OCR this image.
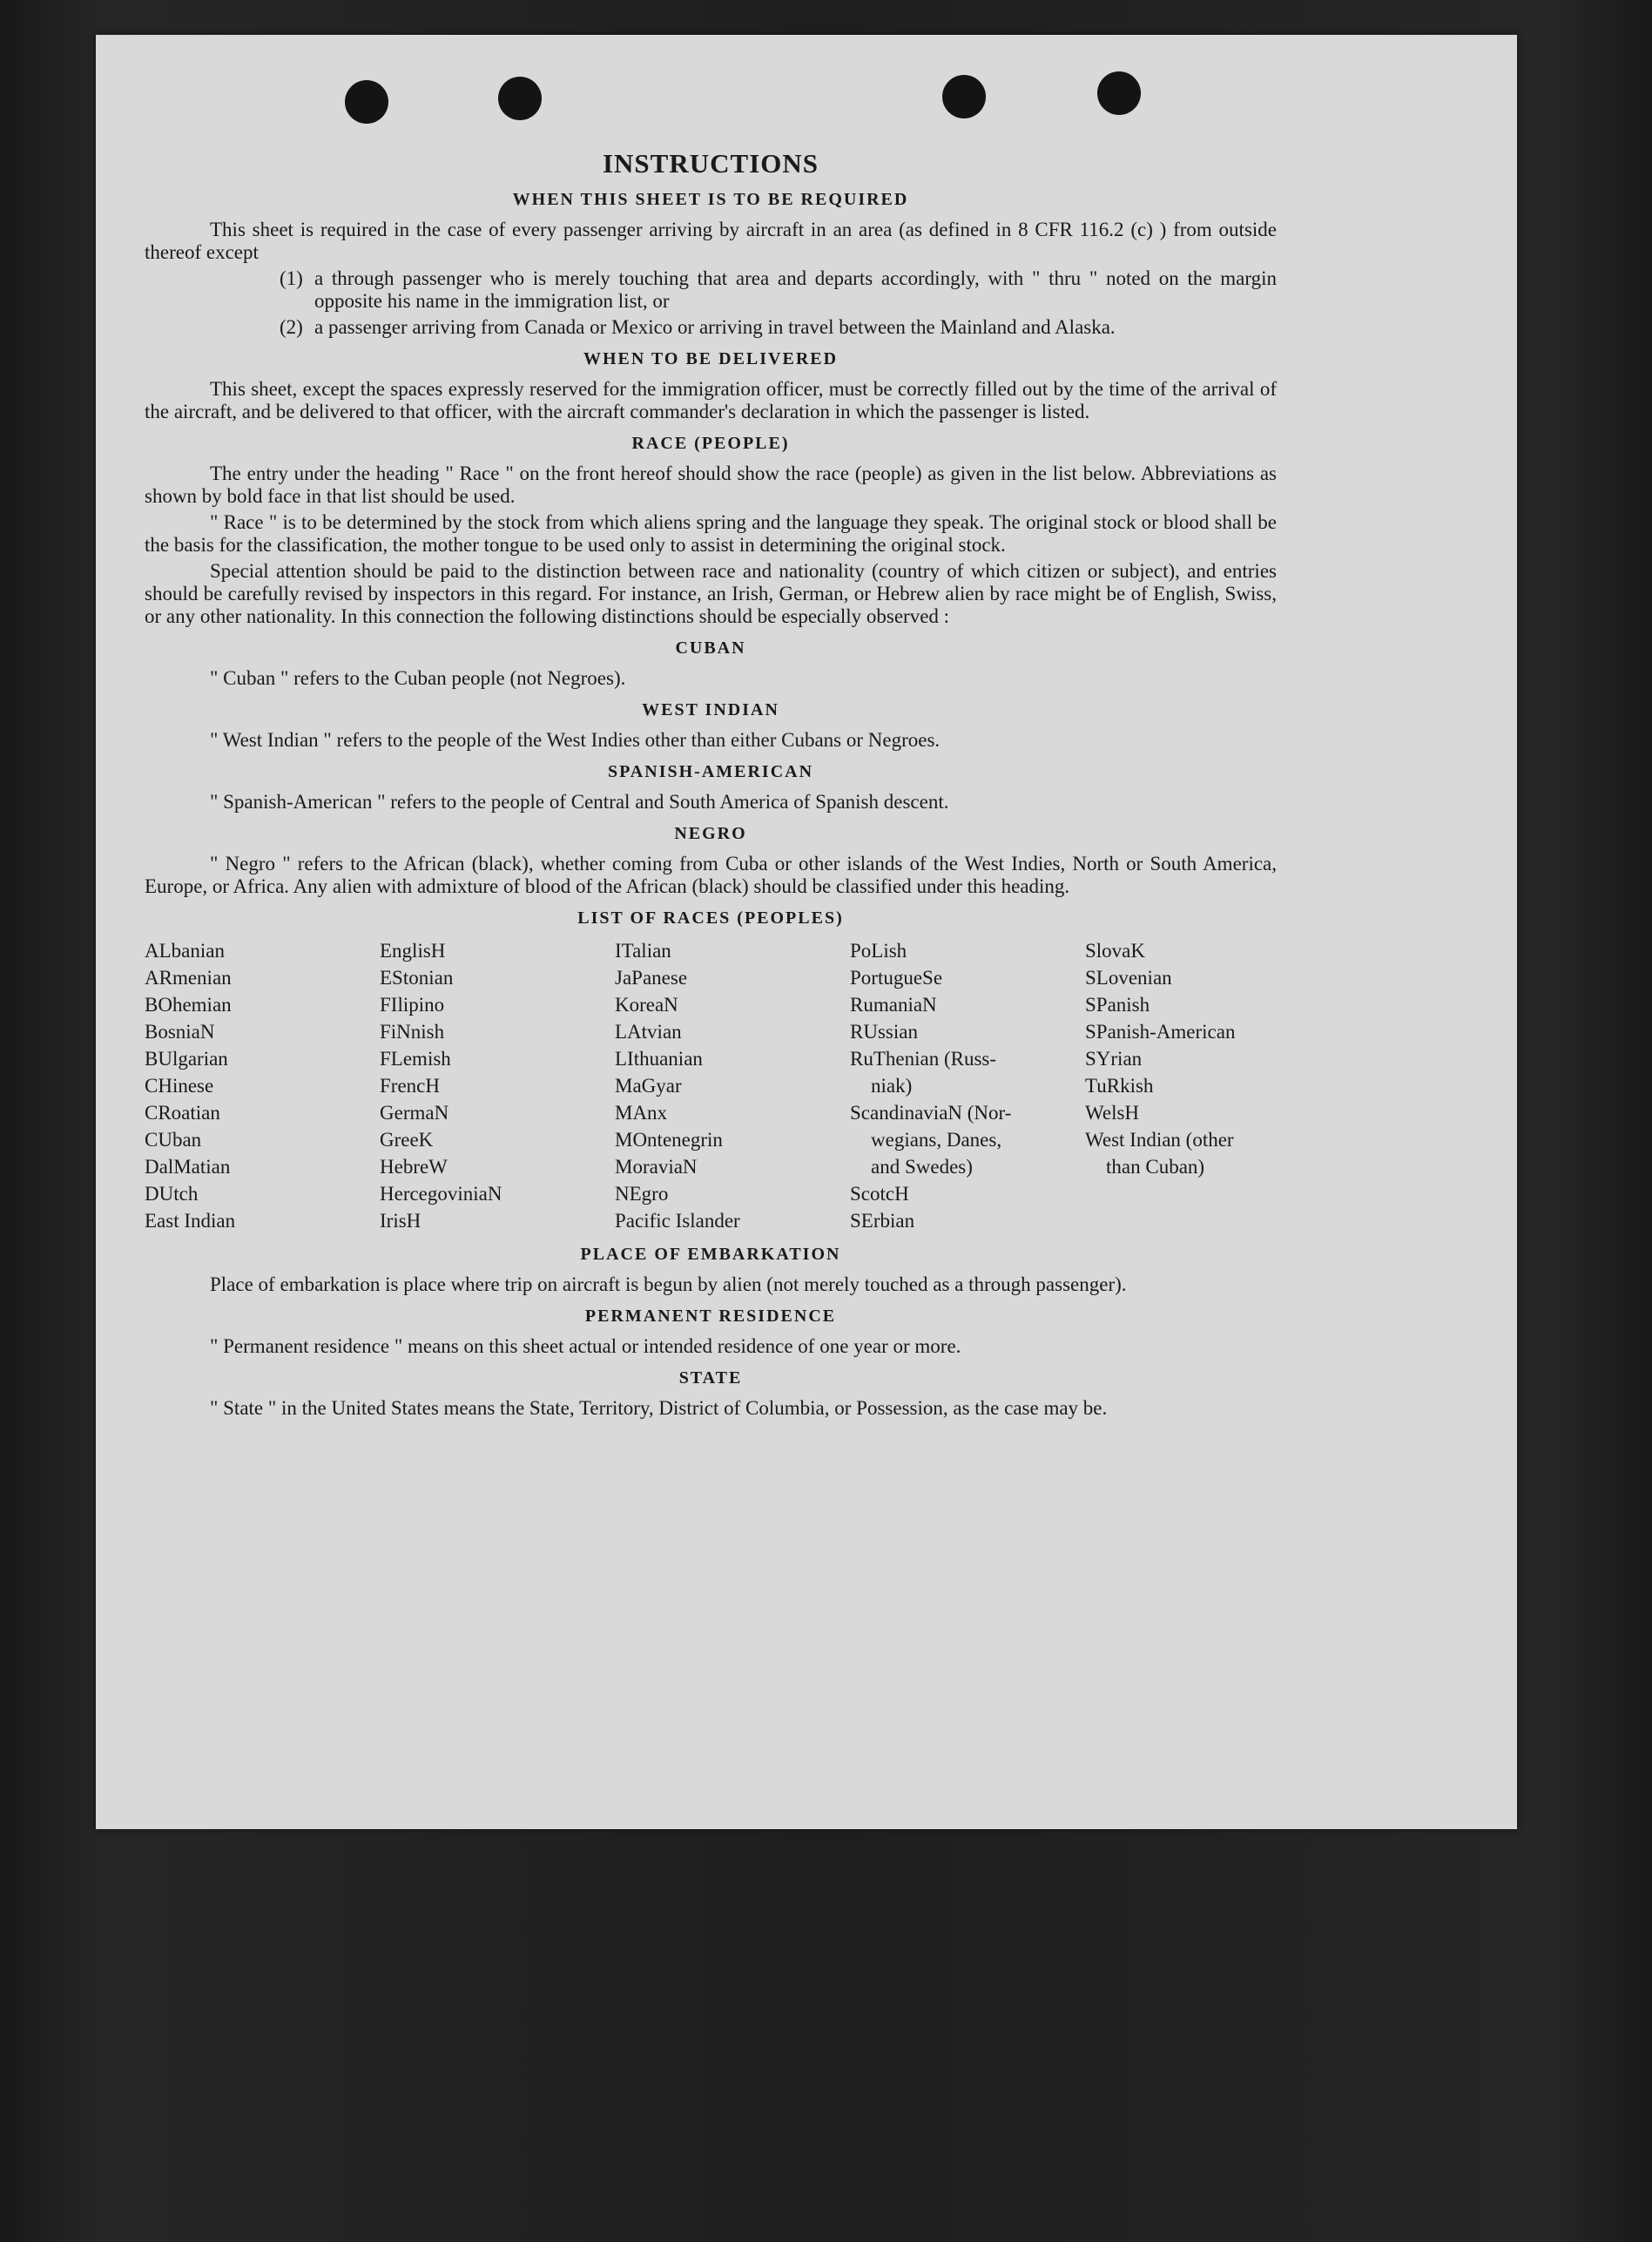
INSTRUCTIONS
WHEN THIS SHEET IS TO BE REQUIRED

This sheet is required in the case of every passenger arriving by aircraft in an area (as defined in 8 CFR 116.2 (c) ) from outside thereof except

(1) a through passenger who is merely touching that area and departs accordingly, with " thru " noted on the margin opposite his name in the immigration list, or
(2) a passenger arriving from Canada or Mexico or arriving in travel between the Mainland and Alaska.
WHEN TO BE DELIVERED

This sheet, except the spaces expressly reserved for the immigration officer, must be correctly filled out by the time of the arrival of the aircraft, and be delivered to that officer, with the aircraft commander's declaration in which the passenger is listed.

RACE (PEOPLE)

The entry under the heading " Race " on the front hereof should show the race (people) as given in the list below. Abbreviations as shown by bold face in that list should be used.

" Race " is to be determined by the stock from which aliens spring and the language they speak. The original stock or blood shall be the basis for the classification, the mother tongue to be used only to assist in determining the original stock.

Special attention should be paid to the distinction between race and nationality (country of which citizen or subject), and entries should be carefully revised by inspectors in this regard. For instance, an Irish, German, or Hebrew alien by race might be of English, Swiss, or any other nationality. In this connection the following distinctions should be especially observed :

CUBAN

" Cuban " refers to the Cuban people (not Negroes).

WEST INDIAN

" West Indian " refers to the people of the West Indies other than either Cubans or Negroes.

SPANISH-AMERICAN

" Spanish-American " refers to the people of Central and South America of Spanish descent.

NEGRO

" Negro " refers to the African (black), whether coming from Cuba or other islands of the West Indies, North or South America, Europe, or Africa. Any alien with admixture of blood of the African (black) should be classified under this heading.

LIST OF RACES (PEOPLES)
ALbanian
ARmenian
BOhemian
BosniaN
BUlgarian
CHinese
CRoatian
CUban
DalMatian
DUtch
East Indian
EnglisH
EStonian
FIlipino
FiNnish
FLemish
FrencH
GermaN
GreeK
HebreW
HercegoviniaN
IrisH
ITalian
JaPanese
KoreaN
LAtvian
LIthuanian
MaGyar
MAnx
MOntenegrin
MoraviaN
NEgro
Pacific Islander
PoLish
PortugueSe
RumaniaN
RUssian
RuThenian (Russ-
niak)
ScandinaviaN (Nor-
wegians, Danes,
and Swedes)
ScotcH
SErbian
SlovaK
SLovenian
SPanish
SPanish-American
SYrian
TuRkish
WelsH
West Indian (other
than Cuban)
PLACE OF EMBARKATION

Place of embarkation is place where trip on aircraft is begun by alien (not merely touched as a through passenger).

PERMANENT RESIDENCE

" Permanent residence " means on this sheet actual or intended residence of one year or more.

STATE

" State " in the United States means the State, Territory, District of Columbia, or Possession, as the case may be.
